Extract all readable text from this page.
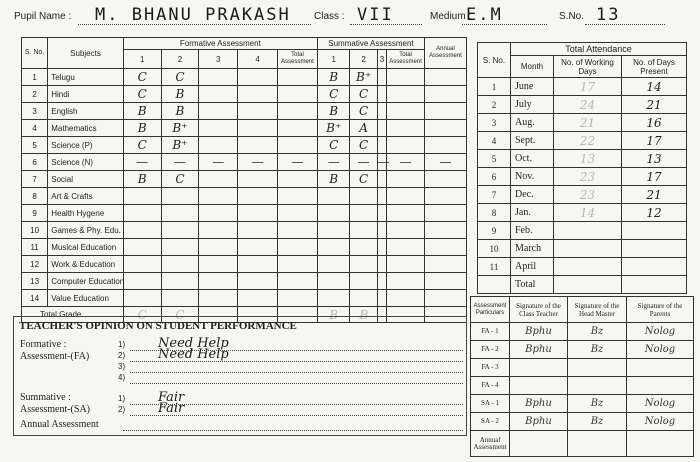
Pupil Name : M. BHANU PRAKASH Class : VII	Medium :
E.M	S.No. 13
S. No.	Subjects	Formative Assessment					Summative Assessment				Annual Assessment
		1	2	3	4	Total Assessment	1	2	3	Total Assessment	
1	Telugu	C	C				B	B⁺			
2	Hindi	C	B				C	C			
3	English	B	B				B	C			
4	Mathematics	B	B⁺				B⁺	A			
5	Science (P)	C	B⁺				C	C			
6	Science (N)	—	—	—	—	—	—	—	—	—	—
7	Social	B	C				B	C			
8	Art & Crafts										
9	Health Hygene										
10	Games & Phy. Edu.										
11	Musical Education										
12	Work & Education										
13	Computer Education										
14	Value Education										
Total Grade		C	C				B	B			
S. No.	Total Attendance		
	Month	No. of Working Days	No. of Days Present
1	June	17	14
2	July	24	21
3	Aug.	21	16
4	Sept.	22	17
5	Oct.	13	13
6	Nov.	23	17
7	Dec.	23	21
8	Jan.	14	12
9	Feb.		
10	March		
11	April		
	Total		
Assessment Particulars	Signature of the Class Teacher	Signature of the Head Master	Signature of the Parents
FA - 1	Bphu	Bz	Nolog
FA - 2	Bphu	Bz	Nolog
FA - 3			
FA - 4			
SA - 1	Bphu	Bz	Nolog
SA - 2	Bphu	Bz	Nolog
Annual Assessment			
TEACHER'S OPINION ON STUDENT PERFORMANCE
Formative : Assessment-(FA)
1)	Need Help
2)	Need Help
3)
4)
Summative : Assessment-(SA)
1)	Fair
2)	Fair
Annual Assessment
